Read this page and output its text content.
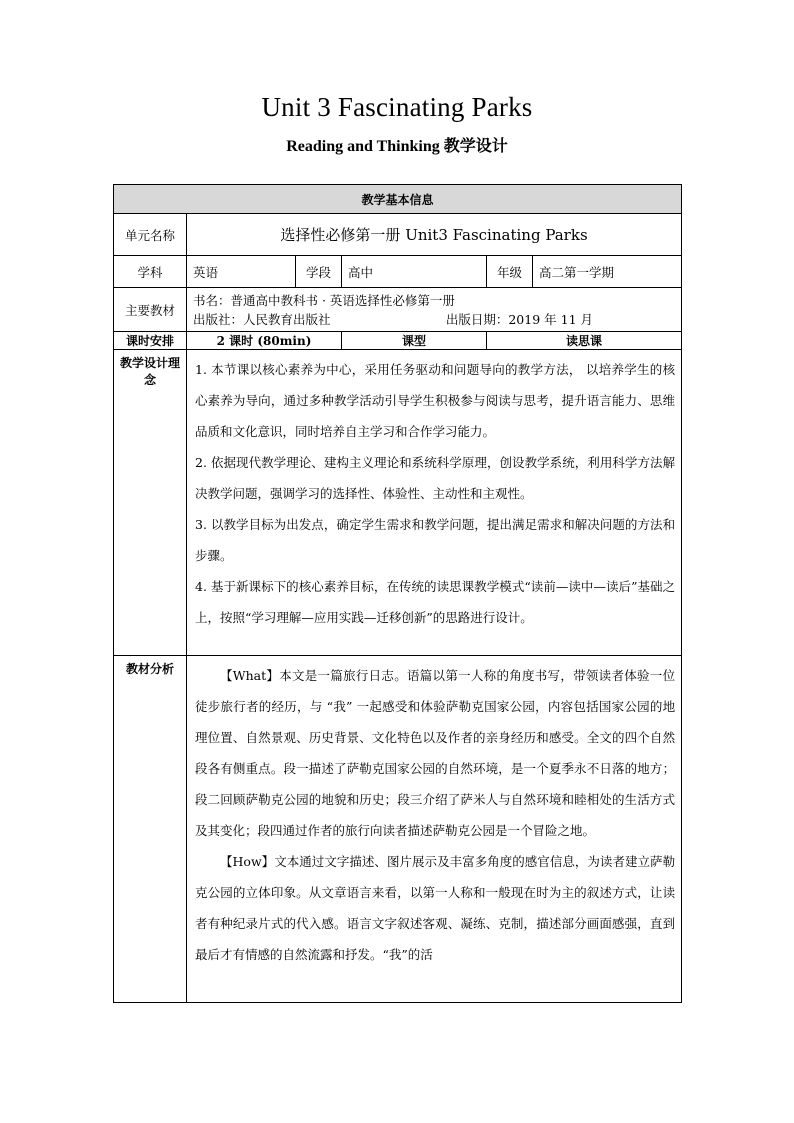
Unit 3 Fascinating Parks
Reading and Thinking 教学设计
教学基本信息					
单元名称	选择性必修第一册 Unit3 Fascinating Parks				
学科	英语	学段	高中	年级	高二第一学期
主要教材	书名：普通高中教科书 · 英语选择性必修第一册
出版社：人民教育出版社 出版日期：2019 年 11 月				

课时安排	2 课时 (80min)		课型	读思课	
教学设计理念	1. 本节课以核心素养为中心，采用任务驱动和问题导向的教学方法， 以培养学生的核心素养为导向，通过多种教学活动引导学生积极参与阅读与思考，提升语言能力、思维品质和文化意识，同时培养自主学习和合作学习能力。

2. 依据现代教学理论、建构主义理论和系统科学原理，创设教学系统，利用科学方法解决教学问题，强调学习的选择性、体验性、主动性和主观性。

3. 以教学目标为出发点，确定学生需求和教学问题，提出满足需求和解决问题的方法和步骤。

4. 基于新课标下的核心素养目标，在传统的读思课教学模式“读前—读中—读后”基础之上，按照“学习理解—应用实践—迁移创新”的思路进行设计。				

教材分析	【What】本文是一篇旅行日志。语篇以第一人称的角度书写，带领读者体验一位徒步旅行者的经历，与 “我” 一起感受和体验萨勒克国家公园，内容包括国家公园的地理位置、自然景观、历史背景、文化特色以及作者的亲身经历和感受。全文的四个自然段各有侧重点。段一描述了萨勒克国家公园的自然环境，是一个夏季永不日落的地方；段二回顾萨勒克公园的地貌和历史；段三介绍了萨米人与自然环境和睦相处的生活方式及其变化；段四通过作者的旅行向读者描述萨勒克公园是一个冒险之地。

【How】文本通过文字描述、图片展示及丰富多角度的感官信息，为读者建立萨勒克公园的立体印象。从文章语言来看，以第一人称和一般现在时为主的叙述方式，让读者有种纪录片式的代入感。语言文字叙述客观、凝练、克制，描述部分画面感强，直到最后才有情感的自然流露和抒发。“我”的活				
